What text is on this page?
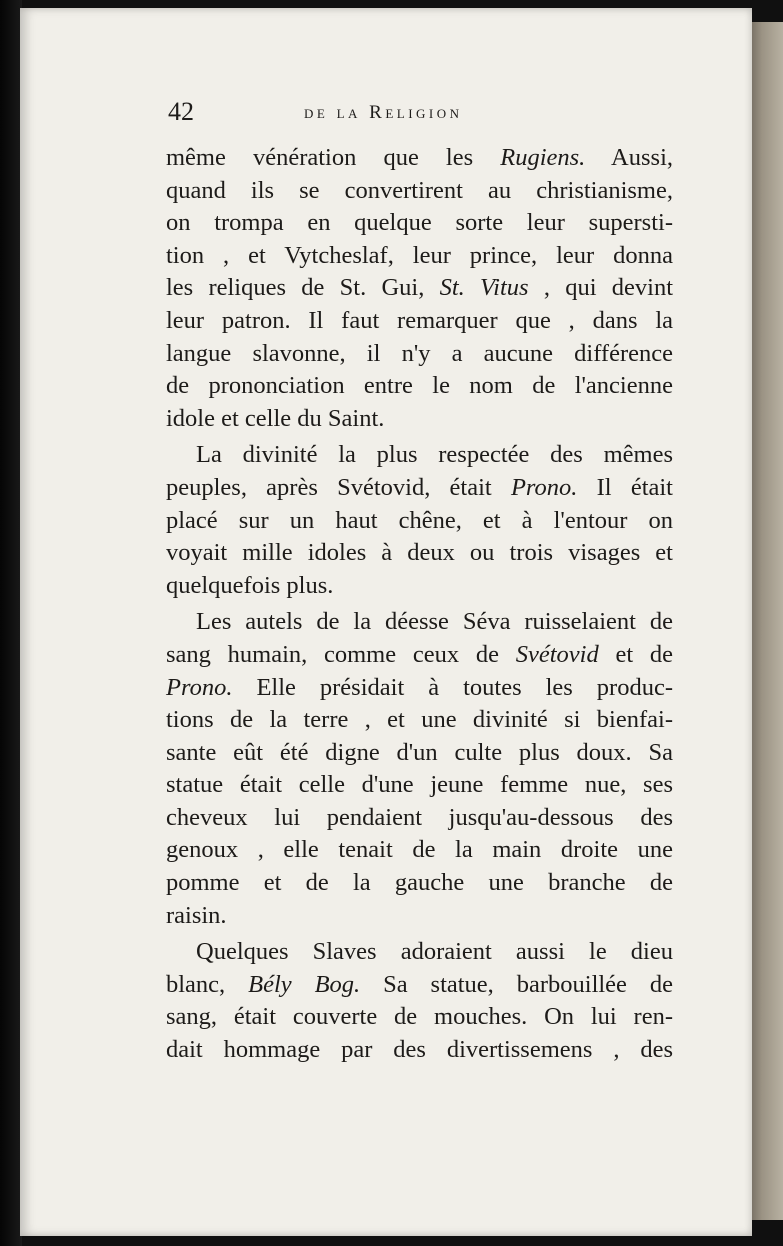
42	de la Religion
même vénération que les Rugiens. Aussi,
quand ils se convertirent au christianisme,
on trompa en quelque sorte leur supersti-
tion , et Vytcheslaf, leur prince, leur donna
les reliques de St. Gui, St. Vitus , qui devint
leur patron. Il faut remarquer que , dans la
langue slavonne, il n'y a aucune différence
de prononciation entre le nom de l'ancienne
idole et celle du Saint.
La divinité la plus respectée des mêmes
peuples, après Svétovid, était Prono. Il était
placé sur un haut chêne, et à l'entour on
voyait mille idoles à deux ou trois visages et
quelquefois plus.
Les autels de la déesse Séva ruisselaient de
sang humain, comme ceux de Svétovid et de
Prono. Elle présidait à toutes les produc-
tions de la terre , et une divinité si bienfai-
sante eût été digne d'un culte plus doux. Sa
statue était celle d'une jeune femme nue, ses
cheveux lui pendaient jusqu'au-dessous des
genoux , elle tenait de la main droite une
pomme et de la gauche une branche de
raisin.
Quelques Slaves adoraient aussi le dieu
blanc, Bély Bog. Sa statue, barbouillée de
sang, était couverte de mouches. On lui ren-
dait hommage par des divertissemens , des
